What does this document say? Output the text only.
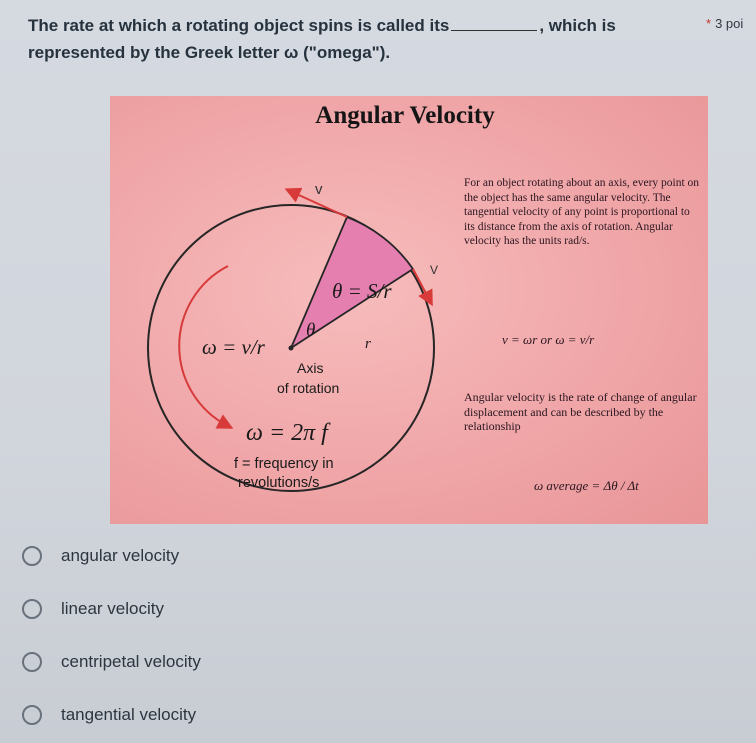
The rate at which a rotating object spins is called its	, which is represented by the Greek letter ω ("omega").
* 3 poi
Angular Velocity
v
V
θ = S/r
θ
r
ω = v/r
Axis
of rotation
ω = 2π f
f = frequency in
revolutions/s
v = ωr or ω = v/r
ω average = Δθ / Δt
For an object rotating about an axis, every point on the object has the same angular velocity. The tangential velocity of any point is proportional to its distance from the axis of rotation. Angular velocity has the units rad/s.
Angular velocity is the rate of change of angular displacement and can be described by the relationship
angular velocity
linear velocity
centripetal velocity
tangential velocity
